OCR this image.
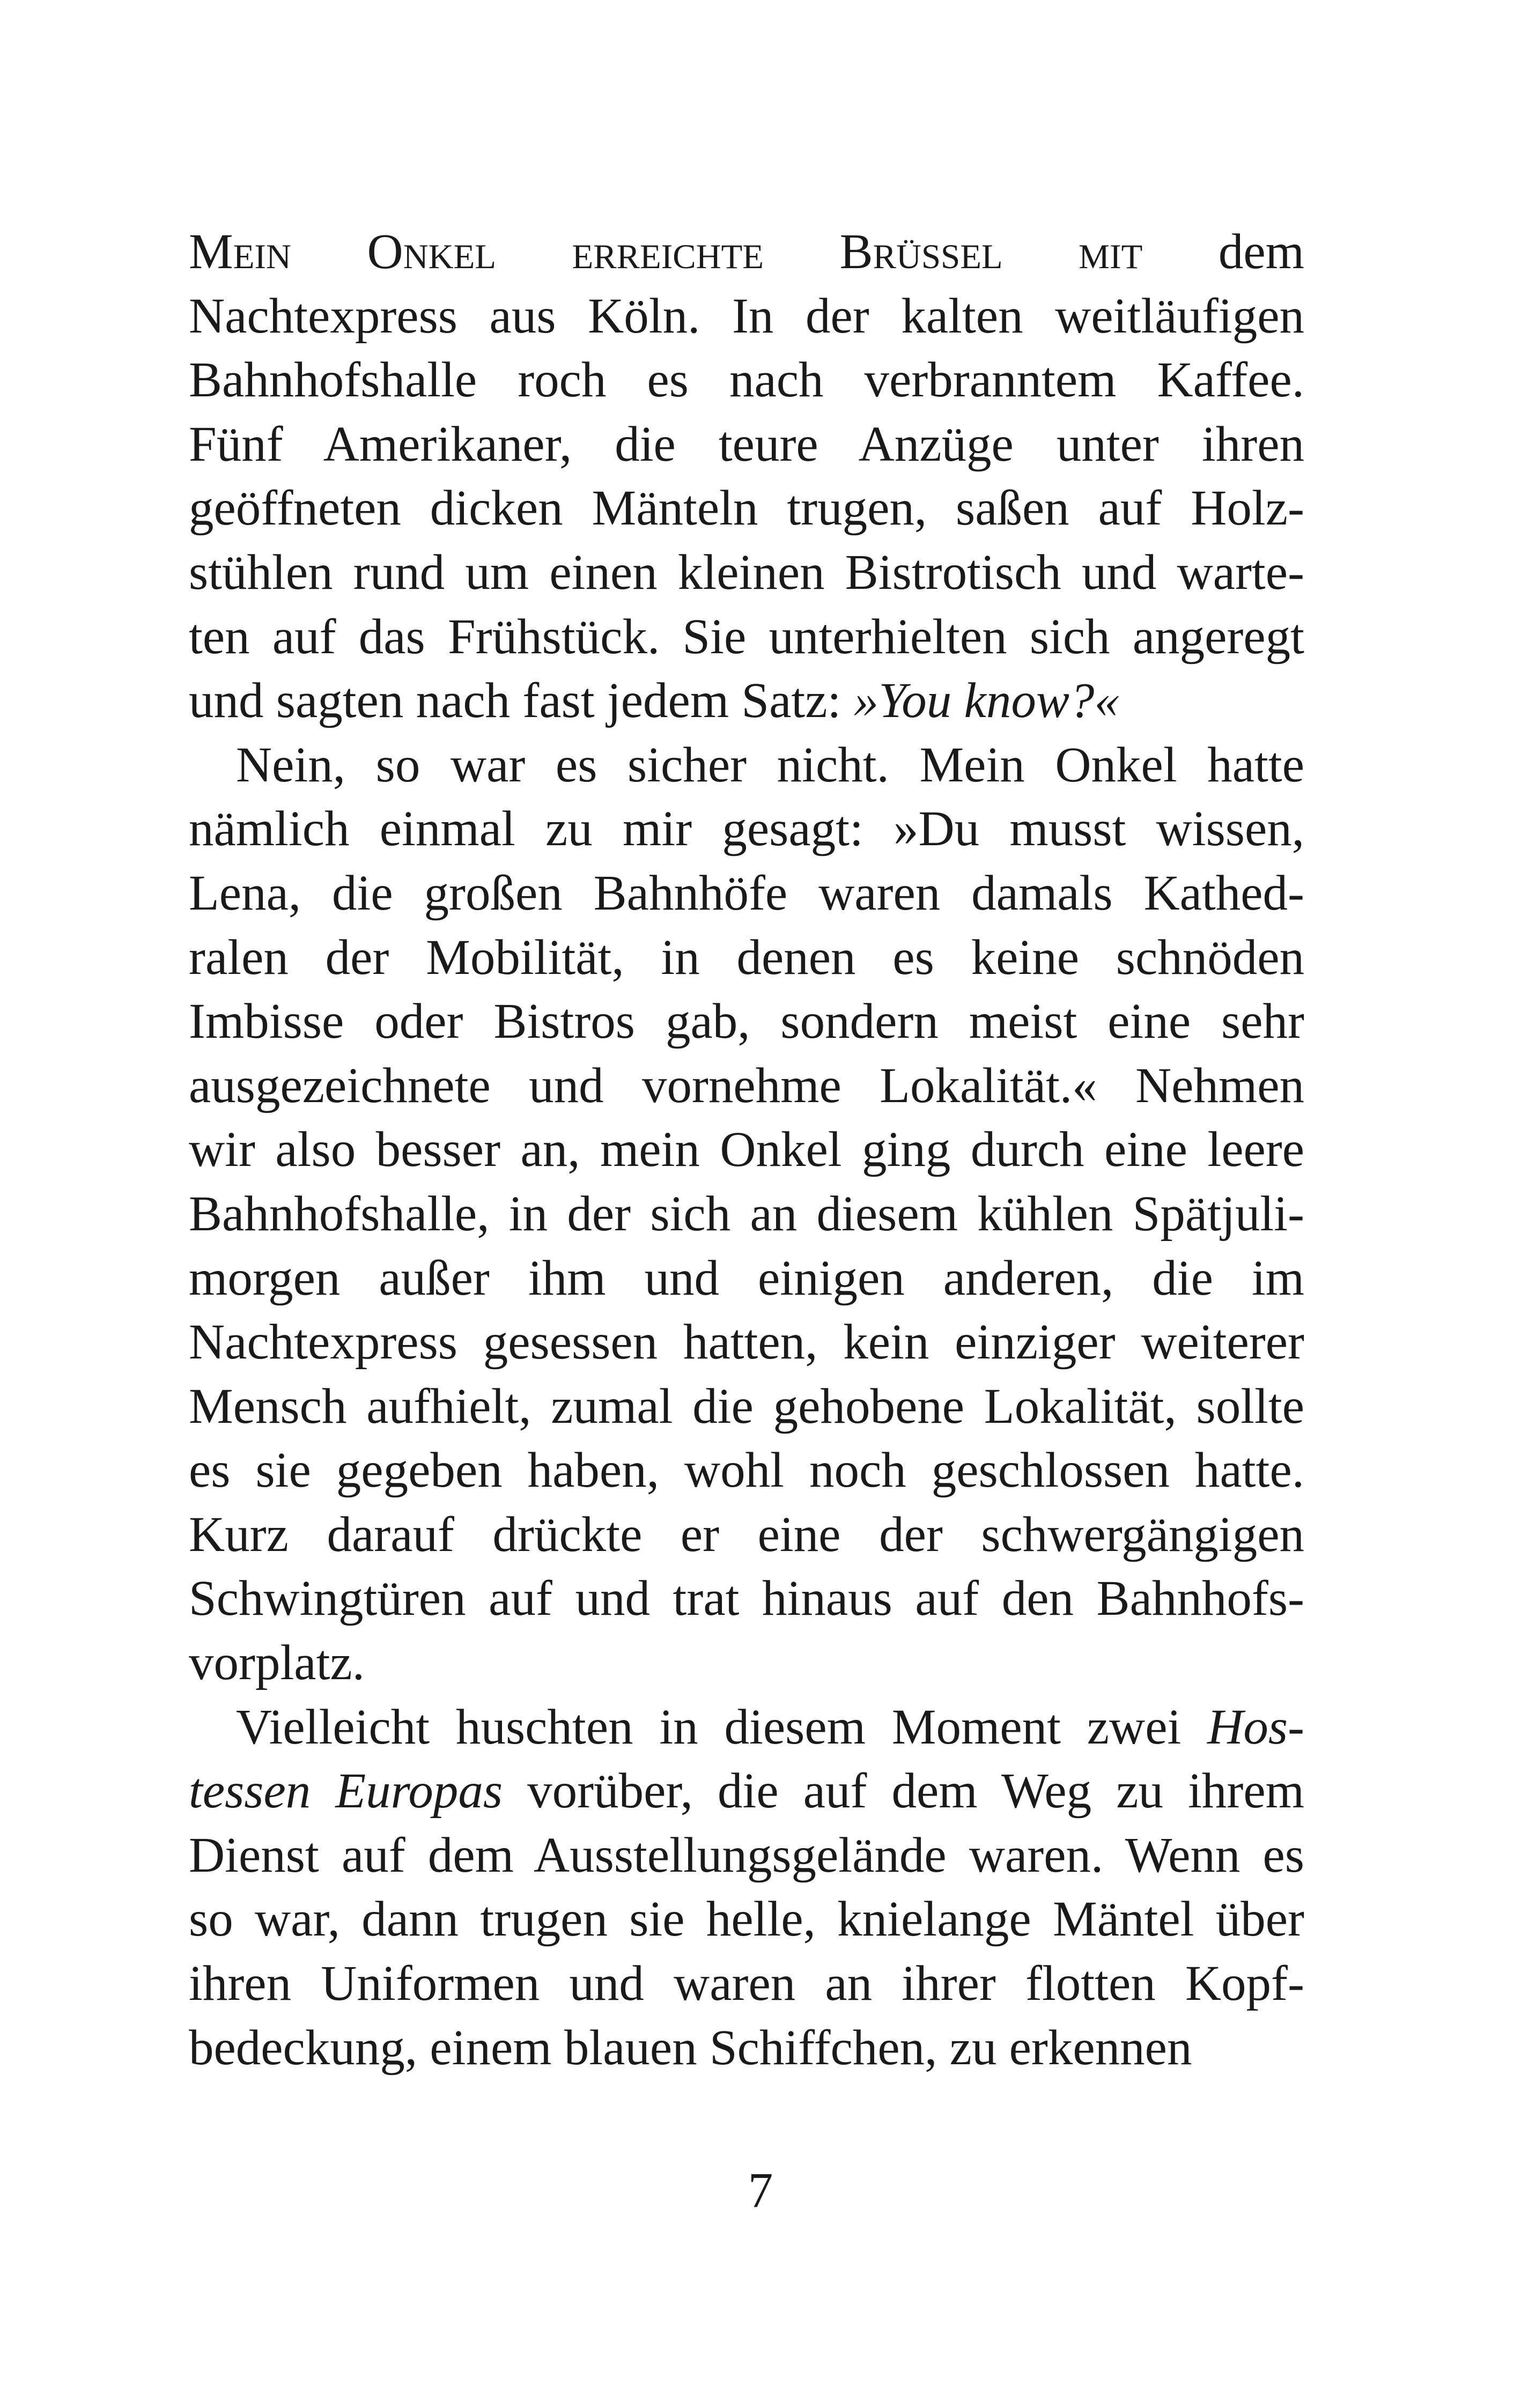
Mein Onkel erreichte Brüssel mit dem
Nachtexpress aus Köln. In der kalten weitläufigen
Bahnhofshalle roch es nach verbranntem Kaffee.
Fünf Amerikaner, die teure Anzüge unter ihren
geöffneten dicken Mänteln trugen, saßen auf Holz-
stühlen rund um einen kleinen Bistrotisch und warte-
ten auf das Frühstück. Sie unterhielten sich angeregt
und sagten nach fast jedem Satz: »You know?«
Nein, so war es sicher nicht. Mein Onkel hatte
nämlich einmal zu mir gesagt: »Du musst wissen,
Lena, die großen Bahnhöfe waren damals Kathed-
ralen der Mobilität, in denen es keine schnöden
Imbisse oder Bistros gab, sondern meist eine sehr
ausgezeichnete und vornehme Lokalität.« Nehmen
wir also besser an, mein Onkel ging durch eine leere
Bahnhofshalle, in der sich an diesem kühlen Spätjuli-
morgen außer ihm und einigen anderen, die im
Nachtexpress gesessen hatten, kein einziger weiterer
Mensch aufhielt, zumal die gehobene Lokalität, sollte
es sie gegeben haben, wohl noch geschlossen hatte.
Kurz darauf drückte er eine der schwergängigen
Schwingtüren auf und trat hinaus auf den Bahnhofs-
vorplatz.
Vielleicht huschten in diesem Moment zwei Hos-
tessen Europas vorüber, die auf dem Weg zu ihrem
Dienst auf dem Ausstellungsgelände waren. Wenn es
so war, dann trugen sie helle, knielange Mäntel über
ihren Uniformen und waren an ihrer flotten Kopf-
bedeckung, einem blauen Schiffchen, zu erkennen
7
